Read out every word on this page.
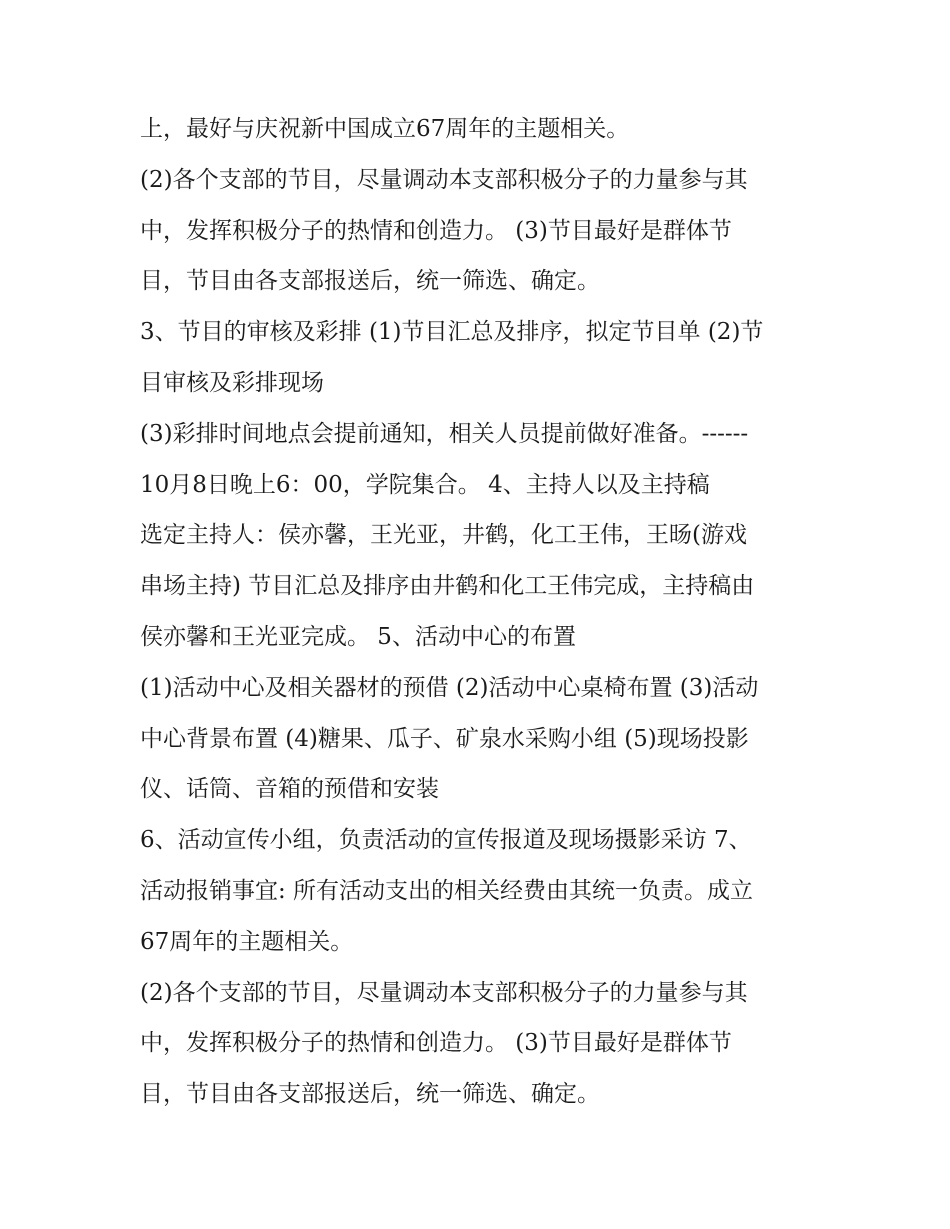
上，最好与庆祝新中国成立67周年的主题相关。
(2)各个支部的节目，尽量调动本支部积极分子的力量参与其
中，发挥积极分子的热情和创造力。 (3)节目最好是群体节
目，节目由各支部报送后，统一筛选、确定。
3、节目的审核及彩排 (1)节目汇总及排序，拟定节目单 (2)节
目审核及彩排现场
(3)彩排时间地点会提前通知，相关人员提前做好准备。------
10月8日晚上6：00，学院集合。 4、主持人以及主持稿
选定主持人：侯亦馨，王光亚，井鹤，化工王伟，王旸(游戏
串场主持) 节目汇总及排序由井鹤和化工王伟完成，主持稿由
侯亦馨和王光亚完成。 5、活动中心的布置
(1)活动中心及相关器材的预借 (2)活动中心桌椅布置 (3)活动
中心背景布置 (4)糖果、瓜子、矿泉水采购小组 (5)现场投影
仪、话筒、音箱的预借和安装
6、活动宣传小组，负责活动的宣传报道及现场摄影采访 7、
活动报销事宜: 所有活动支出的相关经费由其统一负责。成立
67周年的主题相关。
(2)各个支部的节目，尽量调动本支部积极分子的力量参与其
中，发挥积极分子的热情和创造力。 (3)节目最好是群体节
目，节目由各支部报送后，统一筛选、确定。
